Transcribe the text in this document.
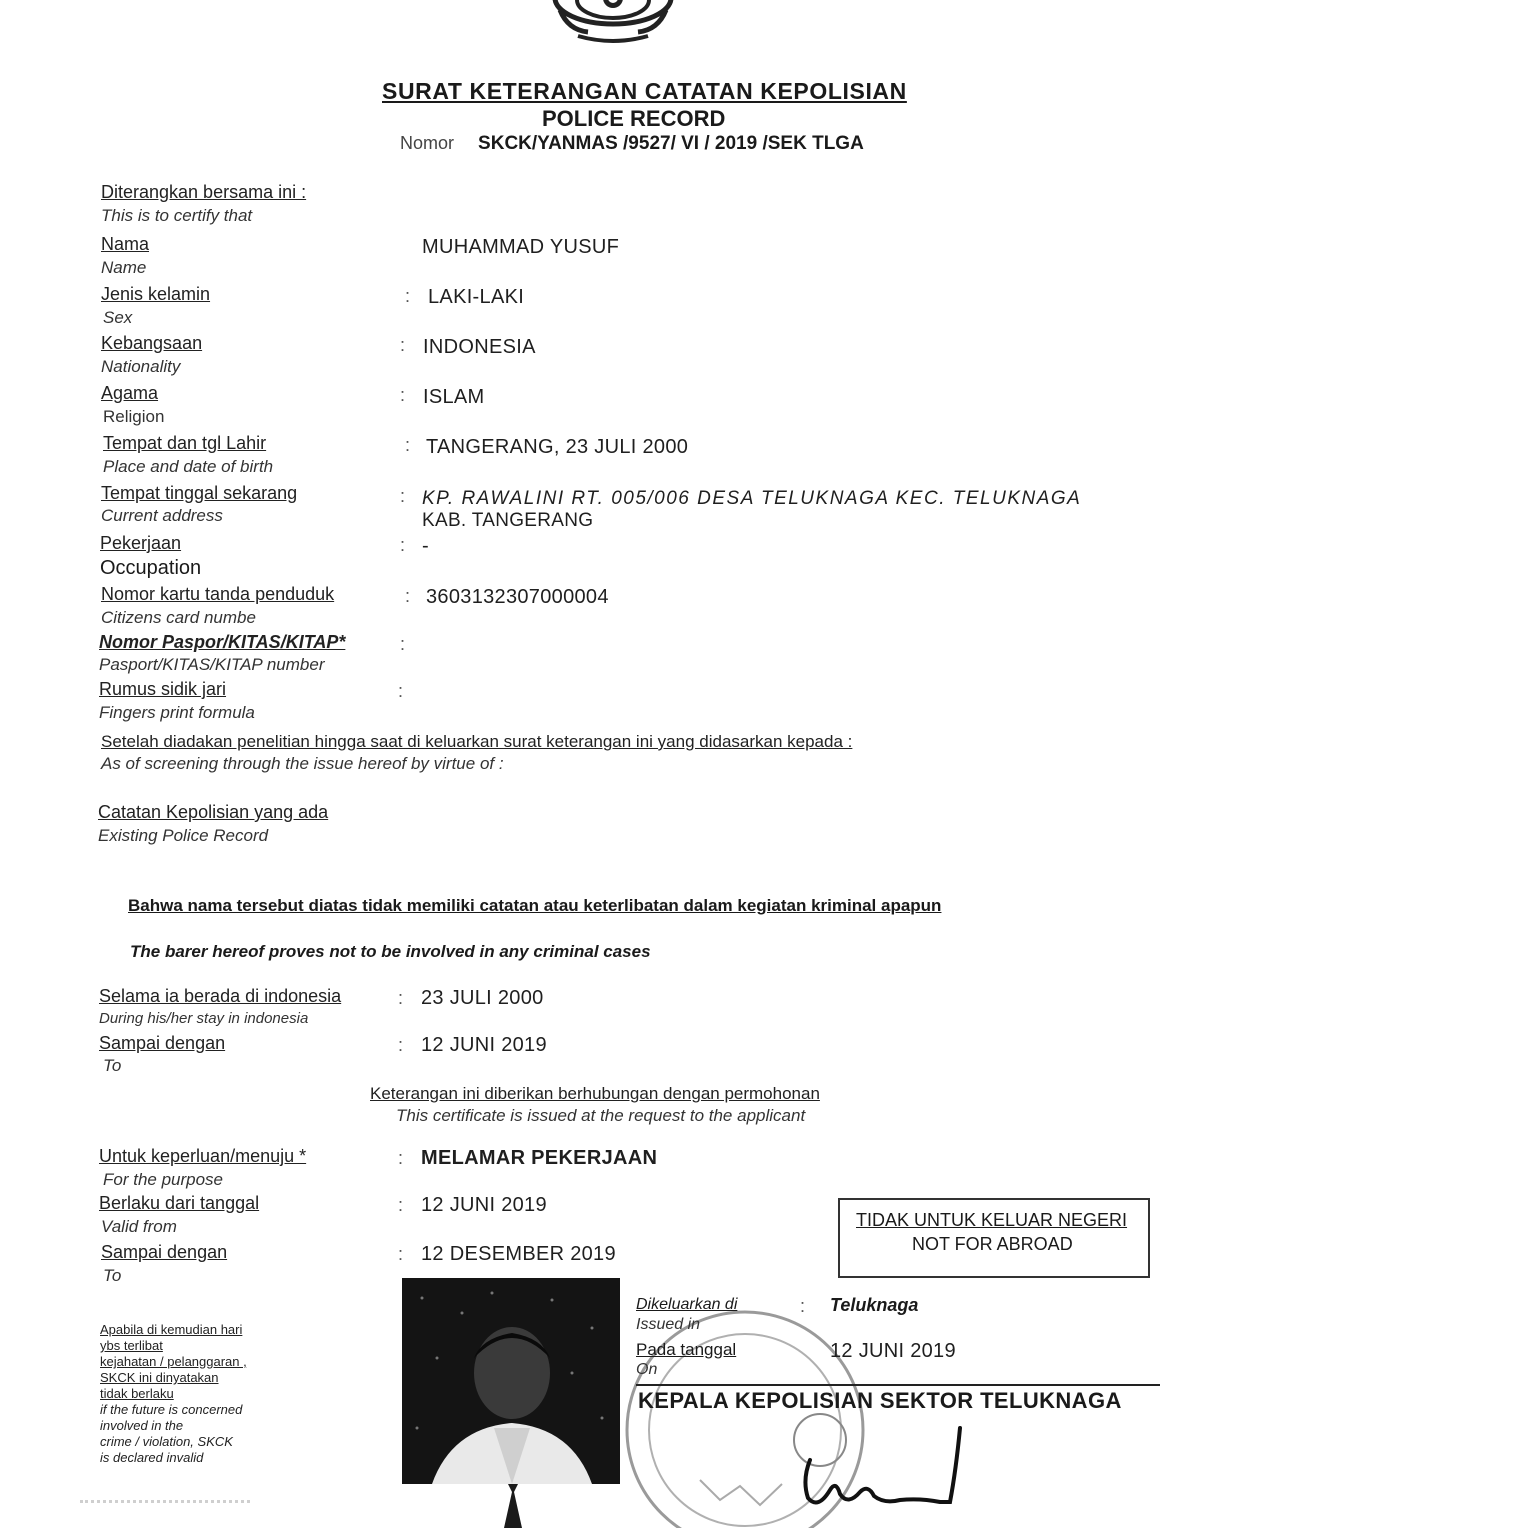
SURAT KETERANGAN CATATAN KEPOLISIAN
POLICE RECORD
Nomor SKCK/YANMAS /9527/ VI / 2019 /SEK TLGA
Diterangkan bersama ini :
This is to certify that
Nama
Name
MUHAMMAD YUSUF
Jenis kelamin
Sex
: LAKI-LAKI
Kebangsaan
Nationality
: INDONESIA
Agama
Religion
: ISLAM
Tempat dan tgl Lahir
Place and date of birth
: TANGERANG, 23 JULI 2000
Tempat tinggal sekarang
Current address
: KP. RAWALINI RT. 005/006 DESA TELUKNAGA KEC. TELUKNAGA
KAB. TANGERANG
Pekerjaan
Occupation
: -
Nomor kartu tanda penduduk
Citizens card numbe
: 3603132307000004
Nomor Paspor/KITAS/KITAP*
Pasport/KITAS/KITAP number
:
Rumus sidik jari
Fingers print formula
:
Setelah diadakan penelitian hingga saat di keluarkan surat keterangan ini yang didasarkan kepada :
As of screening through the issue hereof by virtue of :
Catatan Kepolisian yang ada
Existing Police Record
Bahwa nama tersebut diatas tidak memiliki catatan atau keterlibatan dalam kegiatan kriminal apapun
The barer hereof proves not to be involved in any criminal cases
Selama ia berada di indonesia
During his/her stay in indonesia
: 23 JULI 2000
Sampai dengan
To
: 12 JUNI 2019
Keterangan ini diberikan berhubungan dengan permohonan
This certificate is issued at the request to the applicant
Untuk keperluan/menuju *
For the purpose
: MELAMAR PEKERJAAN
Berlaku dari tanggal
Valid from
: 12 JUNI 2019
Sampai dengan
To
: 12 DESEMBER 2019
TIDAK UNTUK KELUAR NEGERI
NOT FOR ABROAD
Dikeluarkan di
Issued in
: Teluknaga
Pada tanggal
On
12 JUNI 2019
KEPALA KEPOLISIAN SEKTOR TELUKNAGA
Apabila di kemudian hari
ybs terlibat
kejahatan / pelanggaran ,
SKCK ini dinyatakan
tidak berlaku
if the future is concerned
involved in the
crime / violation, SKCK
is declared invalid
